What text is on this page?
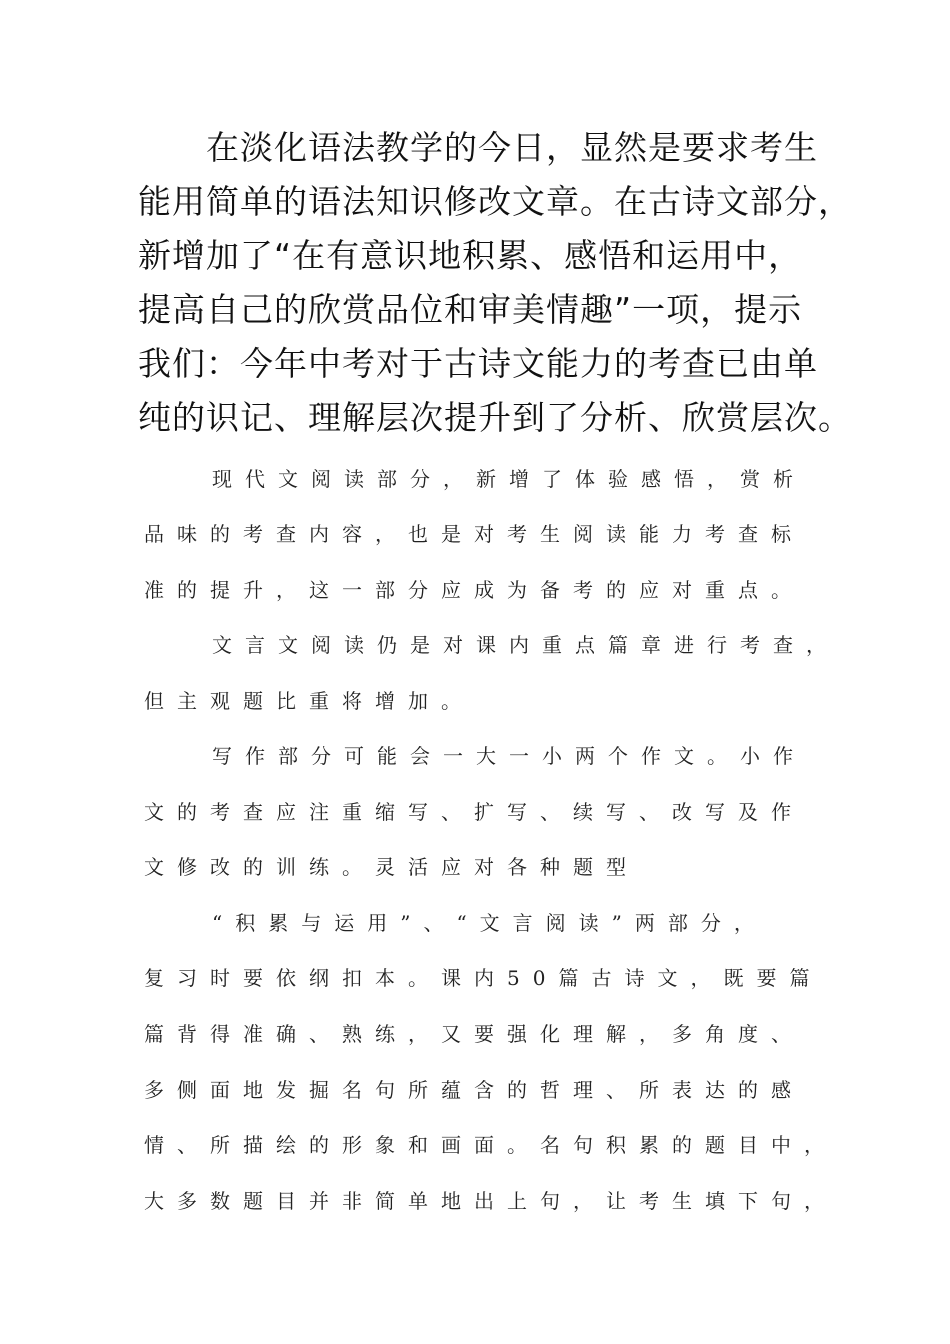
在淡化语法教学的今日，显然是要求考生
能用简单的语法知识修改文章。在古诗文部分，
新增加了“在有意识地积累、感悟和运用中，
提高自己的欣赏品位和审美情趣”一项，提示
我们：今年中考对于古诗文能力的考查已由单
纯的识记、理解层次提升到了分析、欣赏层次。
现代文阅读部分，新增了体验感悟，赏析
品味的考查内容，也是对考生阅读能力考查标
准的提升，这一部分应成为备考的应对重点。
文言文阅读仍是对课内重点篇章进行考查，
但主观题比重将增加。
写作部分可能会一大一小两个作文。小作
文的考查应注重缩写、扩写、续写、改写及作
文修改的训练。灵活应对各种题型
“积累与运用”、“文言阅读”两部分，
复习时要依纲扣本。课内50篇古诗文，既要篇
篇背得准确、熟练，又要强化理解，多角度、
多侧面地发掘名句所蕴含的哲理、所表达的感
情、所描绘的形象和画面。名句积累的题目中，
大多数题目并非简单地出上句，让考生填下句，
